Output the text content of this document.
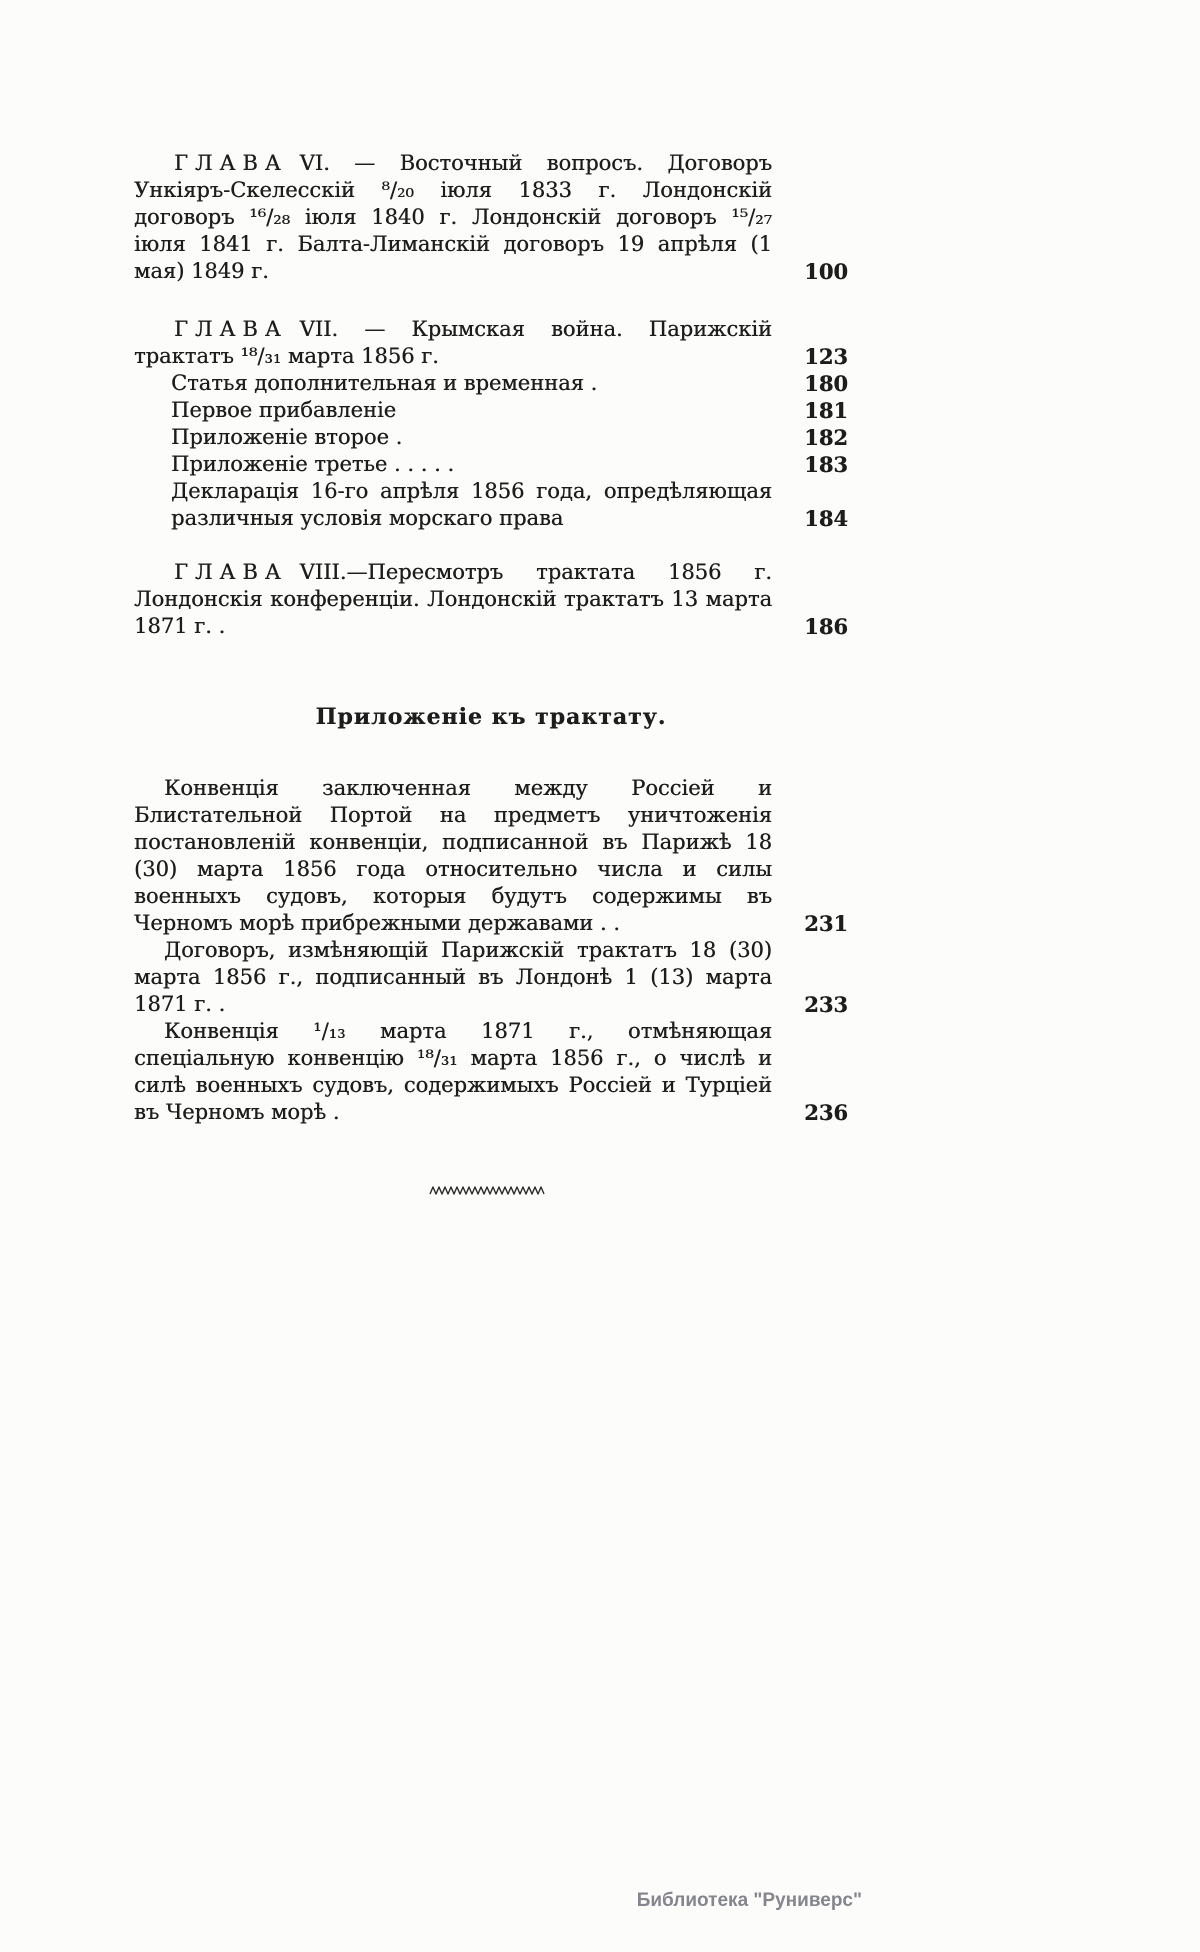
ГЛАВА VI. — Восточный вопросъ. Договоръ Ункіяръ-Скелесскій ⁸/₂₀ іюля 1833 г. Лондонскій договоръ ¹⁶/₂₈ іюля 1840 г. Лондонскій договоръ ¹⁵/₂₇ іюля 1841 г. Балта-Лиманскій договоръ 19 апрѣля (1 мая) 1849 г.	100
ГЛАВА VII. — Крымская война. Парижскій трактатъ ¹⁸/₃₁ марта 1856 г.	123
Статья дополнительная и временная .	180
Первое прибавленіе	181
Приложеніе второе .	182
Приложеніе третье . . . . .	183
Декларація 16-го апрѣля 1856 года, опредѣляющая различныя условія морскаго права	184
ГЛАВА VIII.—Пересмотръ трактата 1856 г. Лондонскія конференціи. Лондонскій трактатъ 13 марта 1871 г. .	186
Приложеніе къ трактату.
Конвенція заключенная между Россіей и Блистательной Портой на предметъ уничтоженія постановленій конвенціи, подписанной въ Парижѣ 18 (30) марта 1856 года относительно числа и силы военныхъ судовъ, которыя будутъ содержимы въ Черномъ морѣ прибрежными державами . .	231
Договоръ, измѣняющій Парижскій трактатъ 18 (30) марта 1856 г., подписанный въ Лондонѣ 1 (13) марта 1871 г. .	233
Конвенція ¹/₁₃ марта 1871 г., отмѣняющая спеціальную конвенцію ¹⁸/₃₁ марта 1856 г., о числѣ и силѣ военныхъ судовъ, содержимыхъ Россіей и Турціей въ Черномъ морѣ .	236
Библиотека "Руниверс"
